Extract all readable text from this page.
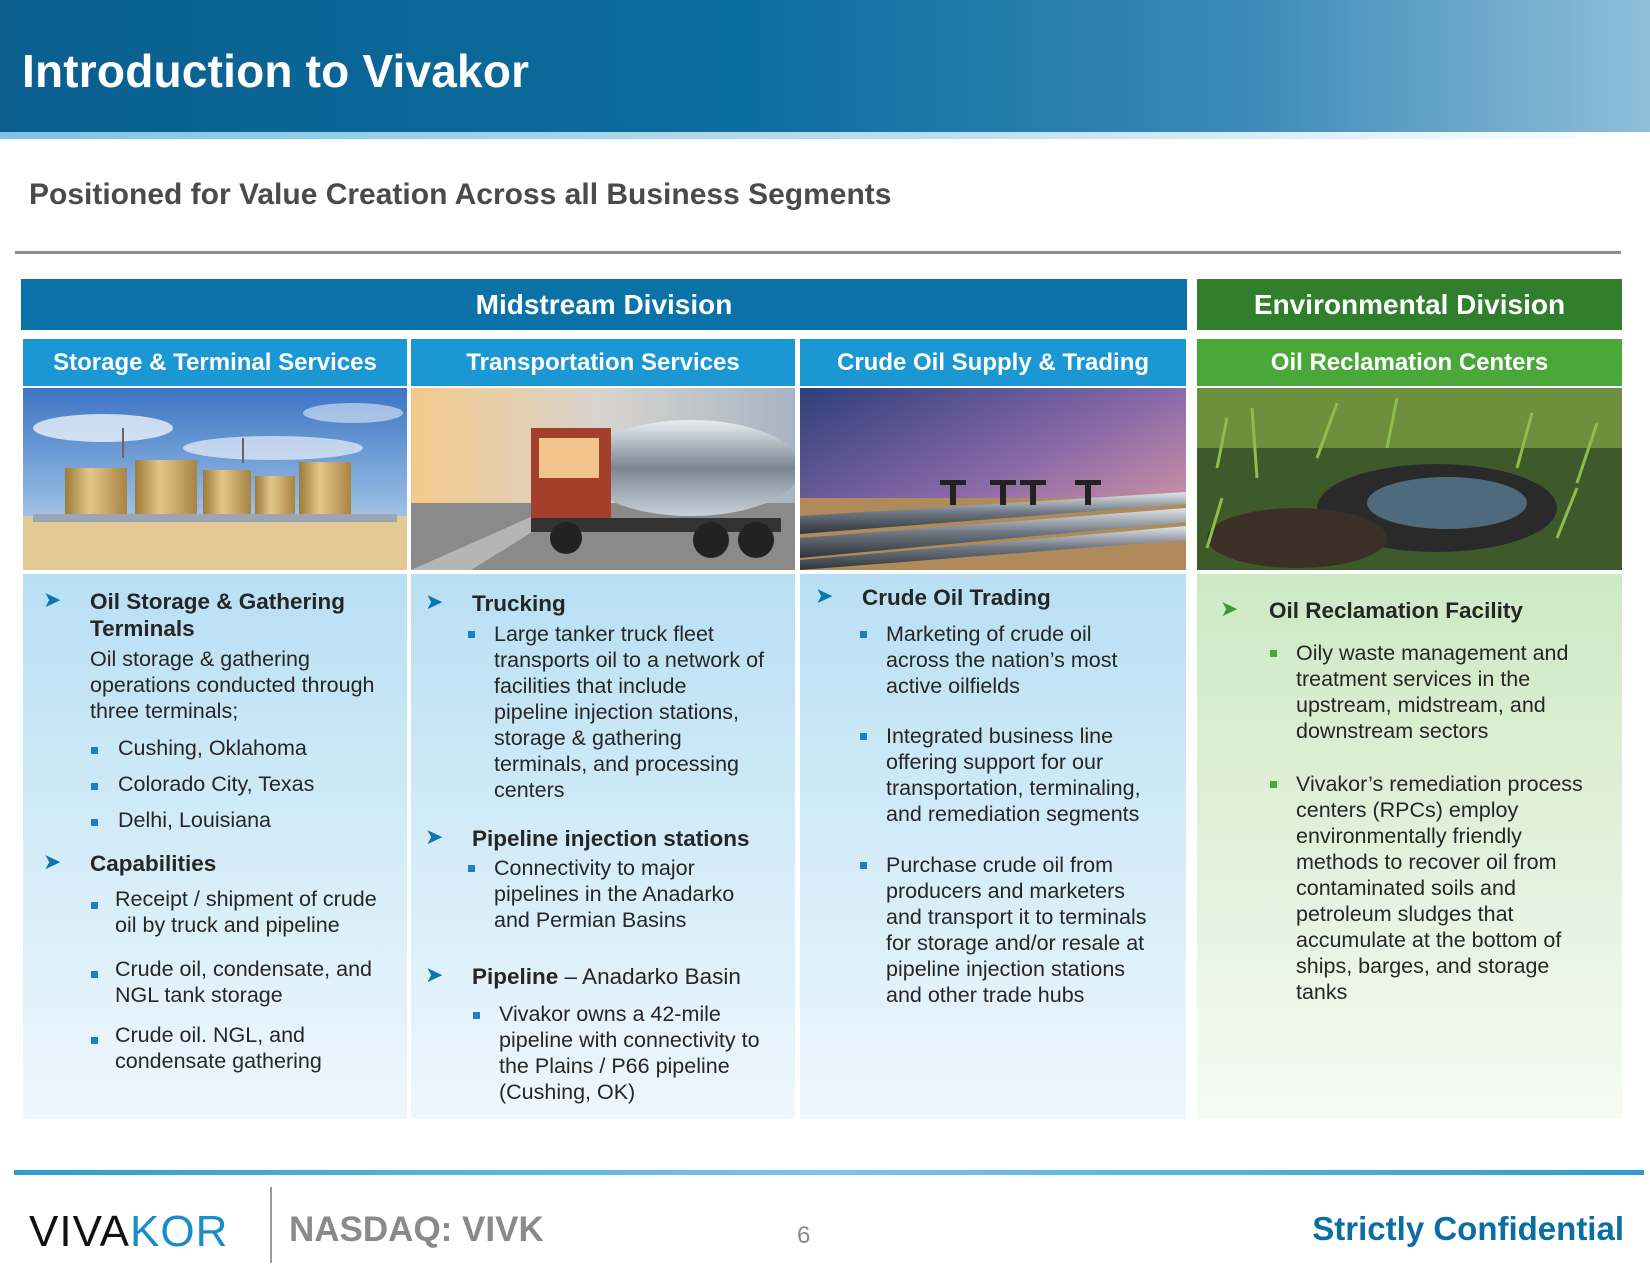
Introduction to Vivakor
Positioned for Value Creation Across all Business Segments
Midstream Division	Environmental Division
Storage & Terminal Services	Transportation Services	Crude Oil Supply & Trading	Oil Reclamation Centers
➤ Oil Storage & Gathering
Terminals
Oil storage & gathering
operations conducted through
three terminals;
Cushing, Oklahoma
Colorado City, Texas
Delhi, Louisiana
➤ Capabilities
Receipt / shipment of crude
oil by truck and pipeline
Crude oil, condensate, and
NGL tank storage
Crude oil. NGL, and
condensate gathering
➤ Trucking
Large tanker truck fleet
transports oil to a network of
facilities that include
pipeline injection stations,
storage & gathering
terminals, and processing
centers
➤ Pipeline injection stations
Connectivity to major
pipelines in the Anadarko
and Permian Basins
➤ Pipeline – Anadarko Basin
Vivakor owns a 42-mile
pipeline with connectivity to
the Plains / P66 pipeline
(Cushing, OK)
➤ Crude Oil Trading
Marketing of crude oil
across the nation’s most
active oilfields
Integrated business line
offering support for our
transportation, terminaling,
and remediation segments
Purchase crude oil from
producers and marketers
and transport it to terminals
for storage and/or resale at
pipeline injection stations
and other trade hubs
➤ Oil Reclamation Facility
Oily waste management and
treatment services in the
upstream, midstream, and
downstream sectors
Vivakor’s remediation process
centers (RPCs) employ
environmentally friendly
methods to recover oil from
contaminated soils and
petroleum sludges that
accumulate at the bottom of
ships, barges, and storage
tanks
VIVAKOR NASDAQ: VIVK	6	Strictly Confidential
